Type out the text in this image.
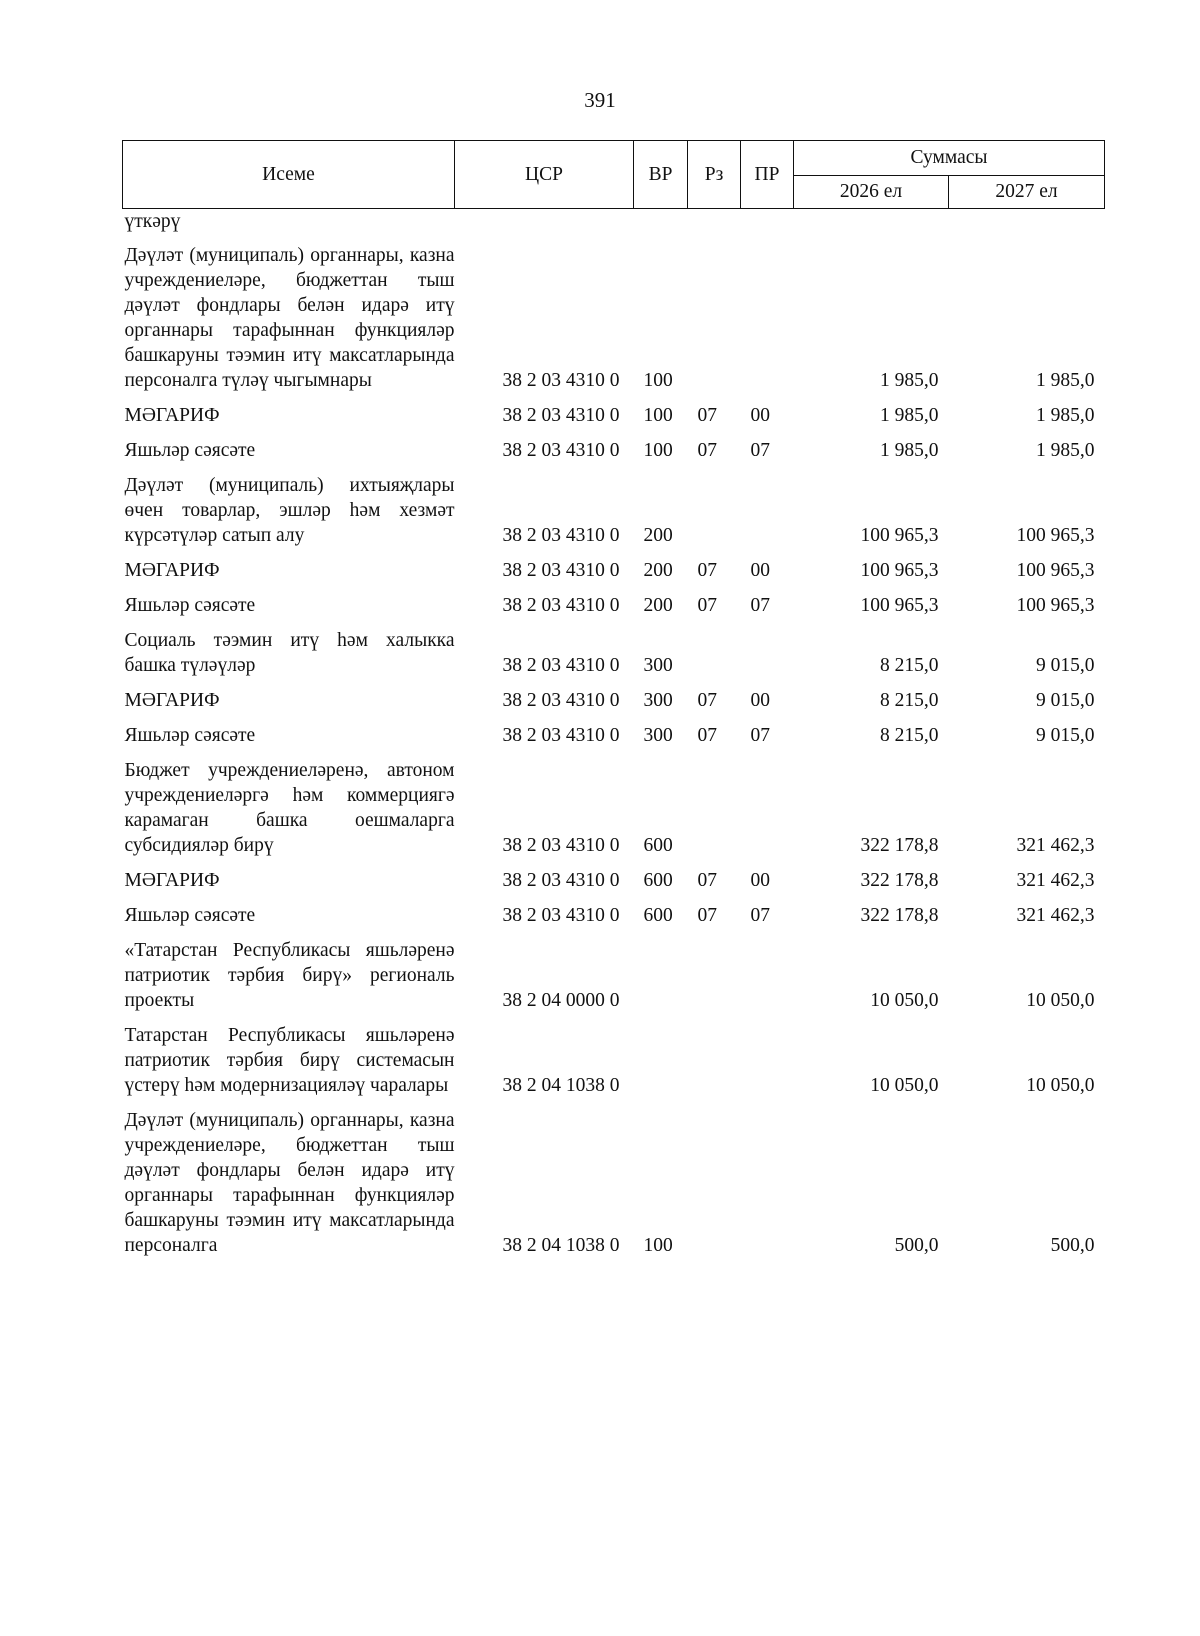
391
Исеме	ЦСР	ВР	Рз	ПР	Суммасы	
					2026 ел	2027 ел
үткәрү						
Дәүләт (муниципаль) органнары, казна учреждениеләре, бюджеттан тыш дәүләт фондлары белән идарә итү органнары тарафыннан функцияләр башкаруны тәэмин итү максатларында персоналга түләү чыгымнары	38 2 03 4310 0	100			1 985,0	1 985,0
МӘГАРИФ	38 2 03 4310 0	100	07	00	1 985,0	1 985,0
Яшьләр сәясәте	38 2 03 4310 0	100	07	07	1 985,0	1 985,0
Дәүләт (муниципаль) ихтыяҗлары өчен товарлар, эшләр һәм хезмәт күрсәтүләр сатып алу	38 2 03 4310 0	200			100 965,3	100 965,3
МӘГАРИФ	38 2 03 4310 0	200	07	00	100 965,3	100 965,3
Яшьләр сәясәте	38 2 03 4310 0	200	07	07	100 965,3	100 965,3
Социаль тәэмин итү һәм халыкка башка түләүләр	38 2 03 4310 0	300			8 215,0	9 015,0
МӘГАРИФ	38 2 03 4310 0	300	07	00	8 215,0	9 015,0
Яшьләр сәясәте	38 2 03 4310 0	300	07	07	8 215,0	9 015,0
Бюджет учреждениеләренә, автоном учреждениеләргә һәм коммерциягә карамаган башка оешмаларга субсидияләр бирү	38 2 03 4310 0	600			322 178,8	321 462,3
МӘГАРИФ	38 2 03 4310 0	600	07	00	322 178,8	321 462,3
Яшьләр сәясәте	38 2 03 4310 0	600	07	07	322 178,8	321 462,3
«Татарстан Республикасы яшьләренә патриотик тәрбия бирү» региональ проекты	38 2 04 0000 0				10 050,0	10 050,0
Татарстан Республикасы яшьләренә патриотик тәрбия бирү системасын үстерү һәм модернизацияләү чаралары	38 2 04 1038 0				10 050,0	10 050,0
Дәүләт (муниципаль) органнары, казна учреждениеләре, бюджеттан тыш дәүләт фондлары белән идарә итү органнары тарафыннан функцияләр башкаруны тәэмин итү максатларында персоналга	38 2 04 1038 0	100			500,0	500,0
